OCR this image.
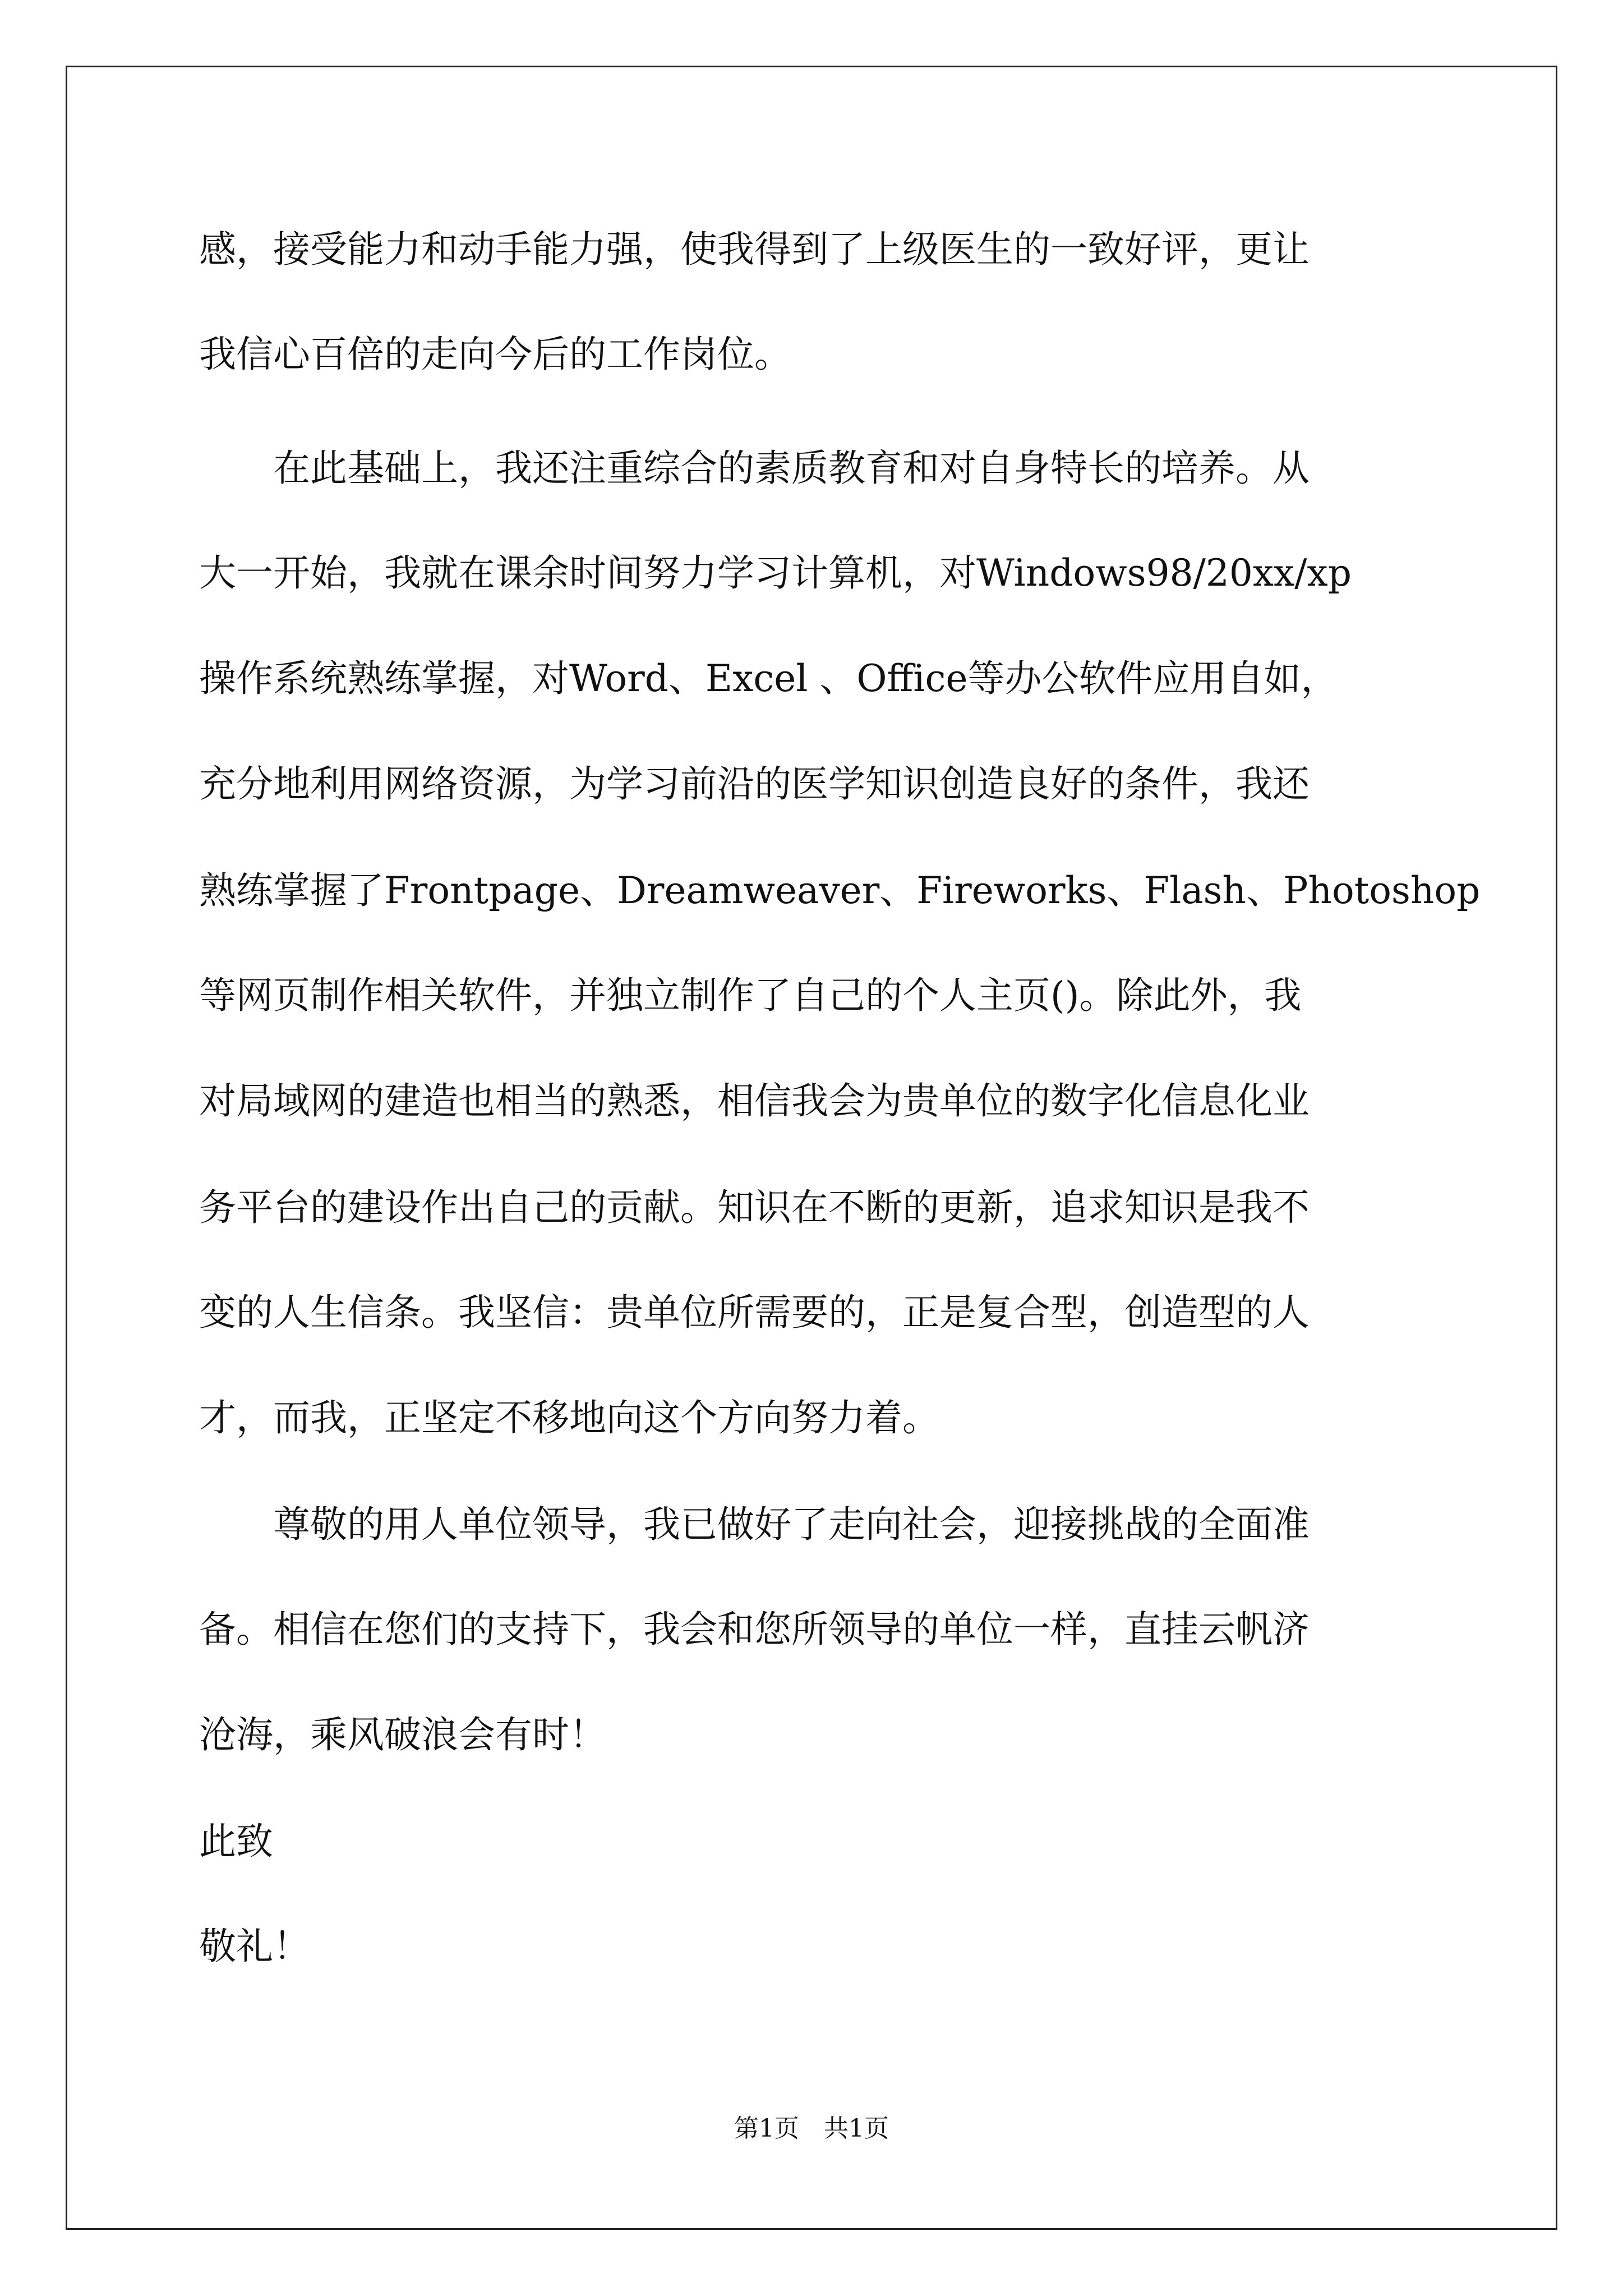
感，接受能力和动手能力强，使我得到了上级医生的一致好评，更让
我信心百倍的走向今后的工作岗位。
　　在此基础上，我还注重综合的素质教育和对自身特长的培养。从
大一开始，我就在课余时间努力学习计算机，对Windows98/20xx/xp
操作系统熟练掌握，对Word、Excel 、Office等办公软件应用自如，
充分地利用网络资源，为学习前沿的医学知识创造良好的条件，我还
熟练掌握了Frontpage、Dreamweaver、Fireworks、Flash、Photoshop
等网页制作相关软件，并独立制作了自己的个人主页()。除此外，我
对局域网的建造也相当的熟悉，相信我会为贵单位的数字化信息化业
务平台的建设作出自己的贡献。知识在不断的更新，追求知识是我不
变的人生信条。我坚信：贵单位所需要的，正是复合型，创造型的人
才，而我，正坚定不移地向这个方向努力着。
　　尊敬的用人单位领导，我已做好了走向社会，迎接挑战的全面准
备。相信在您们的支持下，我会和您所领导的单位一样，直挂云帆济
沧海，乘风破浪会有时！
此致
敬礼！
第1页　共1页
